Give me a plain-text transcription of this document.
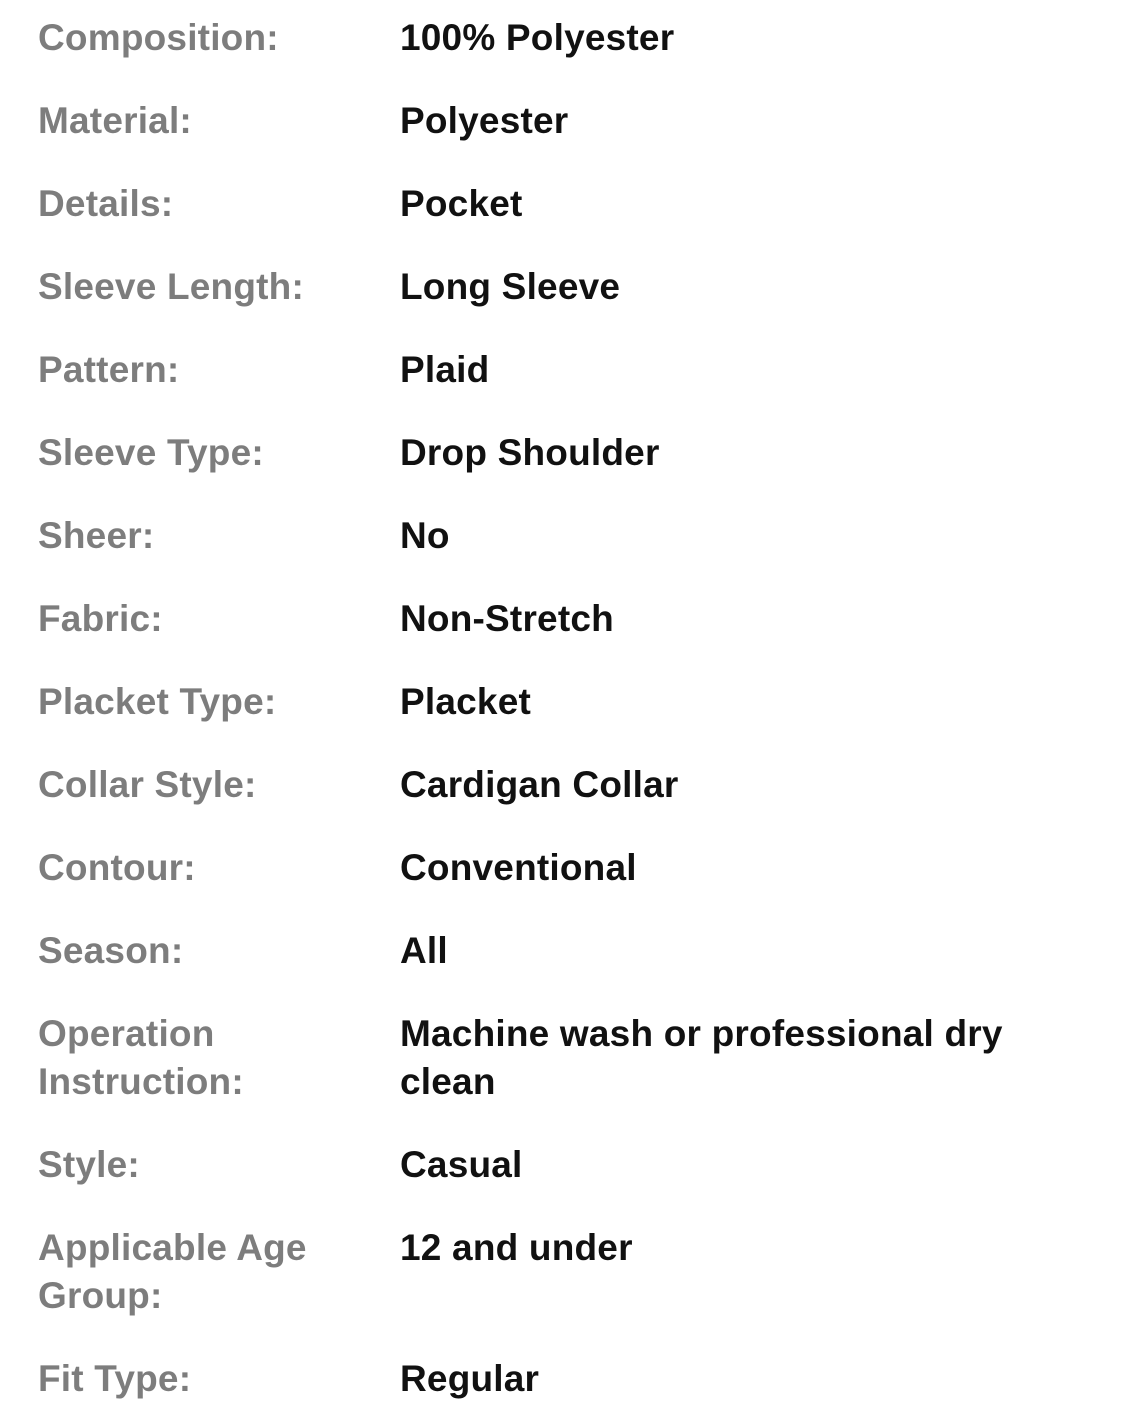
Composition:	100% Polyester
Material:	Polyester
Details:	Pocket
Sleeve Length:	Long Sleeve
Pattern:	Plaid
Sleeve Type:	Drop Shoulder
Sheer:	No
Fabric:	Non-Stretch
Placket Type:	Placket
Collar Style:	Cardigan Collar
Contour:	Conventional
Season:	All
Operation Instruction:
Machine wash or professional dry clean
Style:	Casual
Applicable Age Group:
12 and under
Fit Type:	Regular
